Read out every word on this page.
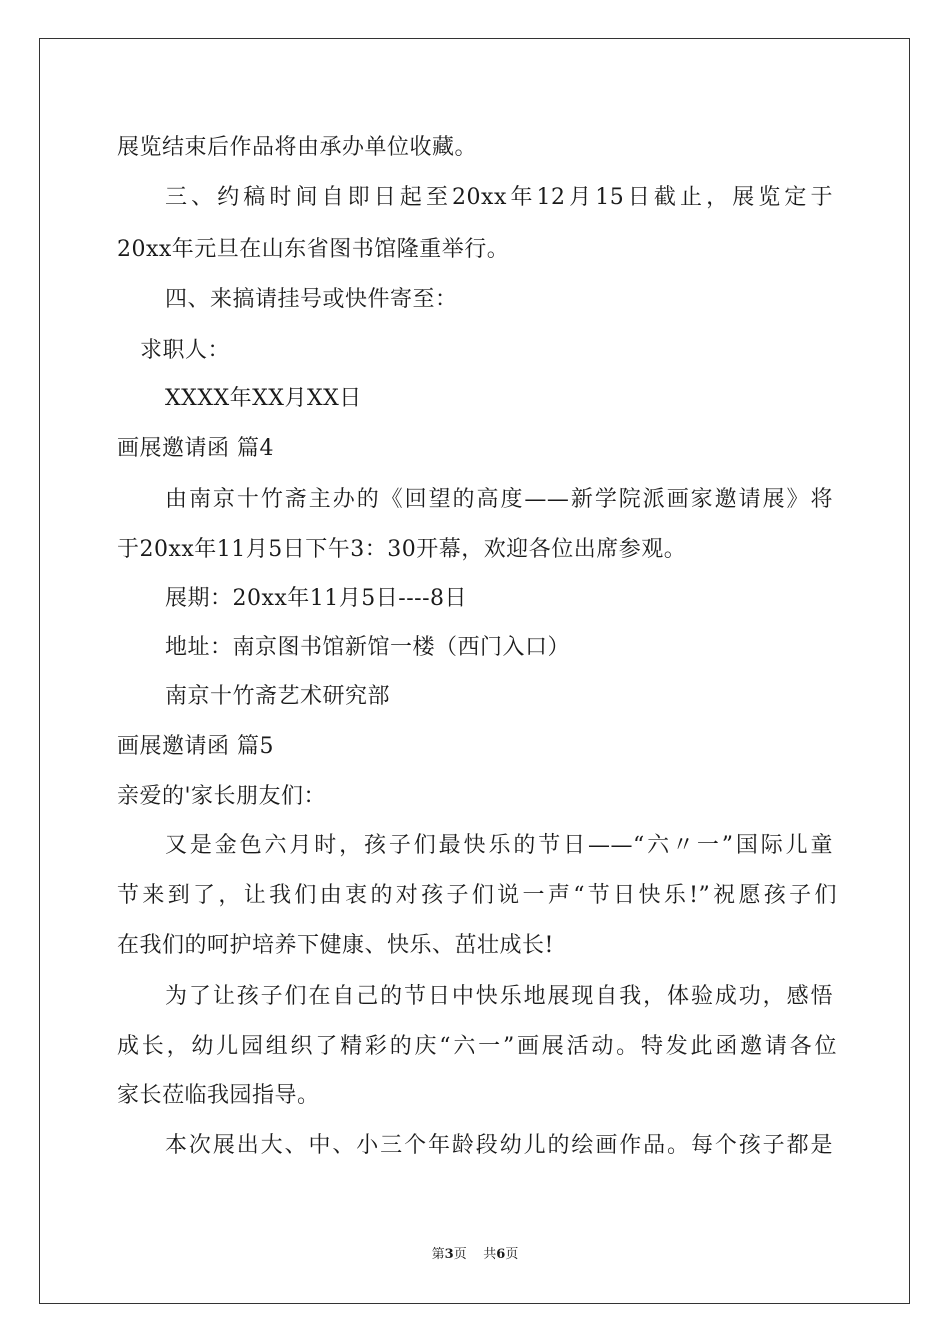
展览结束后作品将由承办单位收藏。
三、约稿时间自即日起至20xx年12月15日截止，展览定于
20xx年元旦在山东省图书馆隆重举行。
四、来搞请挂号或快件寄至：
求职人：
XXXX年XX月XX日
画展邀请函 篇4
由南京十竹斋主办的《回望的高度——新学院派画家邀请展》将
于20xx年11月5日下午3：30开幕，欢迎各位出席参观。
展期：20xx年11月5日----8日
地址：南京图书馆新馆一楼（西门入口）
南京十竹斋艺术研究部
画展邀请函 篇5
亲爱的'家长朋友们：
又是金色六月时，孩子们最快乐的节日——“六〃一”国际儿童
节来到了，让我们由衷的对孩子们说一声“节日快乐!”祝愿孩子们
在我们的呵护培养下健康、快乐、茁壮成长!
为了让孩子们在自己的节日中快乐地展现自我，体验成功，感悟
成长，幼儿园组织了精彩的庆“六一”画展活动。特发此函邀请各位
家长莅临我园指导。
本次展出大、中、小三个年龄段幼儿的绘画作品。每个孩子都是
第3页 共6页
